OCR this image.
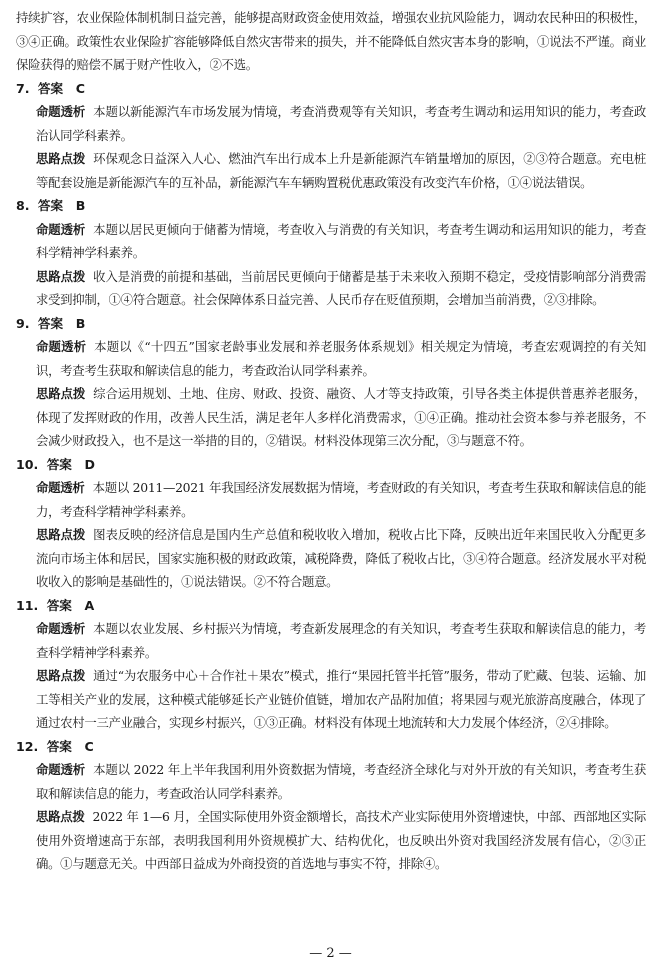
持续扩容，农业保险体制机制日益完善，能够提高财政资金使用效益，增强农业抗风险能力，调动农民种田的积极性，③④正确。政策性农业保险扩容能够降低自然灾害带来的损失，并不能降低自然灾害本身的影响，①说法不严谨。商业保险获得的赔偿不属于财产性收入，②不选。

7. 答案　C

命题透析 本题以新能源汽车市场发展为情境，考查消费观等有关知识，考查考生调动和运用知识的能力，考查政治认同学科素养。

思路点拨 环保观念日益深入人心、燃油汽车出行成本上升是新能源汽车销量增加的原因，②③符合题意。充电桩等配套设施是新能源汽车的互补品，新能源汽车车辆购置税优惠政策没有改变汽车价格，①④说法错误。

8. 答案　B

命题透析 本题以居民更倾向于储蓄为情境，考查收入与消费的有关知识，考查考生调动和运用知识的能力，考查科学精神学科素养。

思路点拨 收入是消费的前提和基础，当前居民更倾向于储蓄是基于未来收入预期不稳定，受疫情影响部分消费需求受到抑制，①④符合题意。社会保障体系日益完善、人民币存在贬值预期，会增加当前消费，②③排除。

9. 答案　B

命题透析 本题以《“十四五”国家老龄事业发展和养老服务体系规划》相关规定为情境，考查宏观调控的有关知识，考查考生获取和解读信息的能力，考查政治认同学科素养。

思路点拨 综合运用规划、土地、住房、财政、投资、融资、人才等支持政策，引导各类主体提供普惠养老服务，体现了发挥财政的作用，改善人民生活，满足老年人多样化消费需求，①④正确。推动社会资本参与养老服务，不会减少财政投入，也不是这一举措的目的，②错误。材料没体现第三次分配，③与题意不符。

10. 答案　D

命题透析 本题以 2011—2021 年我国经济发展数据为情境，考查财政的有关知识，考查考生获取和解读信息的能力，考查科学精神学科素养。

思路点拨 图表反映的经济信息是国内生产总值和税收收入增加，税收占比下降，反映出近年来国民收入分配更多流向市场主体和居民，国家实施积极的财政政策，减税降费，降低了税收占比，③④符合题意。经济发展水平对税收收入的影响是基础性的，①说法错误。②不符合题意。

11. 答案　A

命题透析 本题以农业发展、乡村振兴为情境，考查新发展理念的有关知识，考查考生获取和解读信息的能力，考查科学精神学科素养。

思路点拨 通过“为农服务中心＋合作社＋果农”模式，推行“果园托管半托管”服务，带动了贮藏、包装、运输、加工等相关产业的发展，这种模式能够延长产业链价值链，增加农产品附加值；将果园与观光旅游高度融合，体现了通过农村一三产业融合，实现乡村振兴，①③正确。材料没有体现土地流转和大力发展个体经济，②④排除。

12. 答案　C

命题透析 本题以 2022 年上半年我国利用外资数据为情境，考查经济全球化与对外开放的有关知识，考查考生获取和解读信息的能力，考查政治认同学科素养。

思路点拨 2022 年 1—6 月，全国实际使用外资金额增长，高技术产业实际使用外资增速快，中部、西部地区实际使用外资增速高于东部，表明我国利用外资规模扩大、结构优化，也反映出外资对我国经济发展有信心，②③正确。①与题意无关。中西部日益成为外商投资的首选地与事实不符，排除④。

— 2 —
